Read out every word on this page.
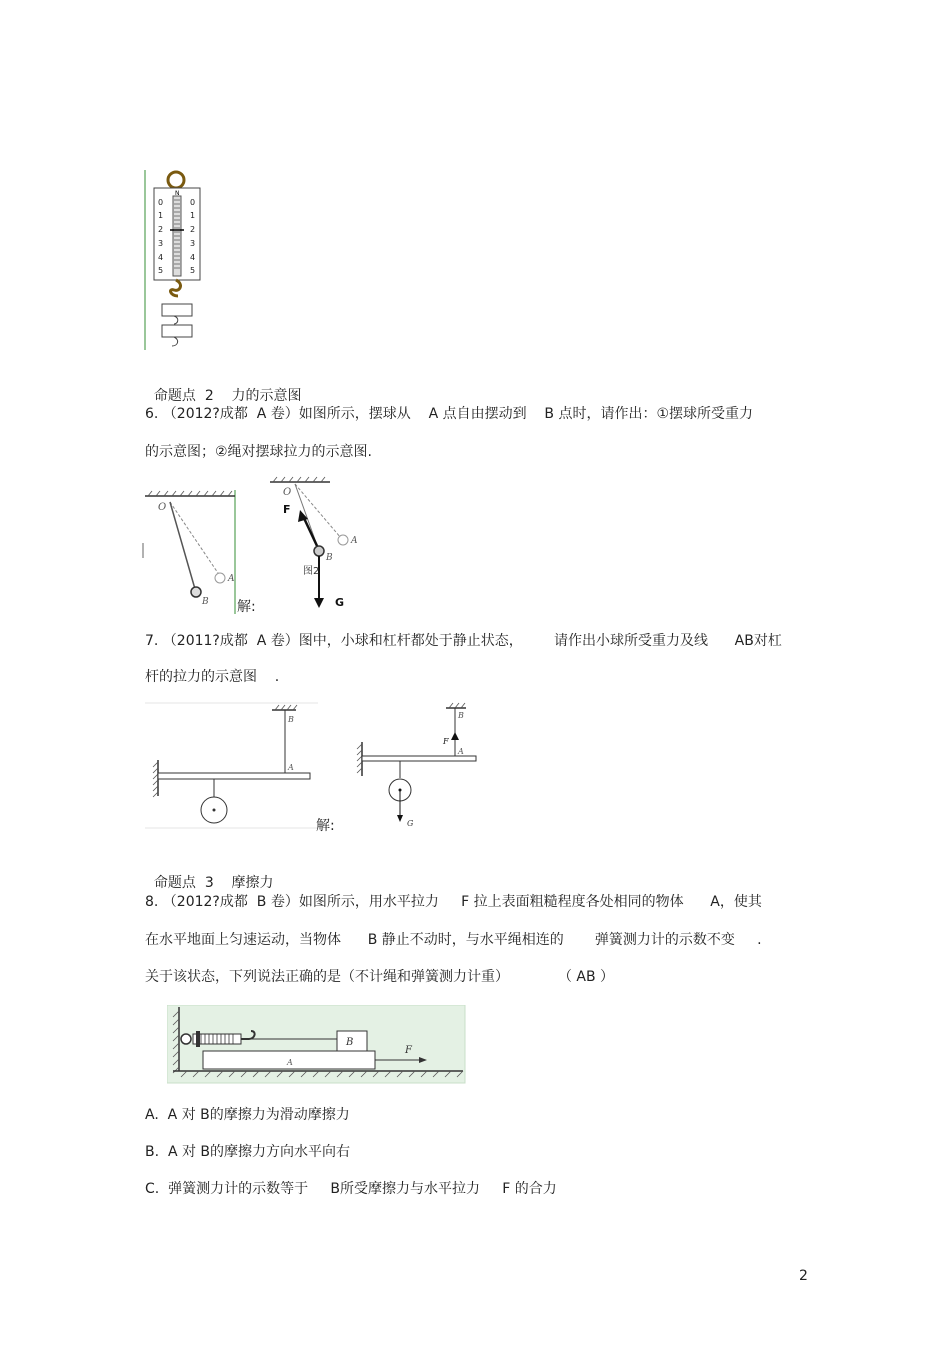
N
0
1
2
3
4
5
0
1
2
3
4
5

命题点 2 力的示意图

6. （2012?成都  A 卷）如图所示，摆球从    A 点自由摆动到    B 点时，请作出：①摆球所受重力
的示意图；②绳对摆球拉力的示意图.
O
A
B 解:
O
A
F
B
G
图2
7. （2011?成都  A 卷）图中，小球和杠杆都处于静止状态，       请作出小球所受重力及线      AB对杠
杆的拉力的示意图    .
B
A
解:
B
F
A
G

命题点 3 摩擦力

8. （2012?成都  B 卷）如图所示，用水平拉力     F 拉上表面粗糙程度各处相同的物体      A，使其
在水平地面上匀速运动，当物体      B 静止不动时，与水平绳相连的       弹簧测力计的示数不变     .
关于该状态，下列说法正确的是（不计绳和弹簧测力计重）	（ AB ）
B
A
F
A.  A 对 B的摩擦力为滑动摩擦力
B.  A 对 B的摩擦力方向水平向右
C.  弹簧测力计的示数等于     B所受摩擦力与水平拉力     F 的合力
2
